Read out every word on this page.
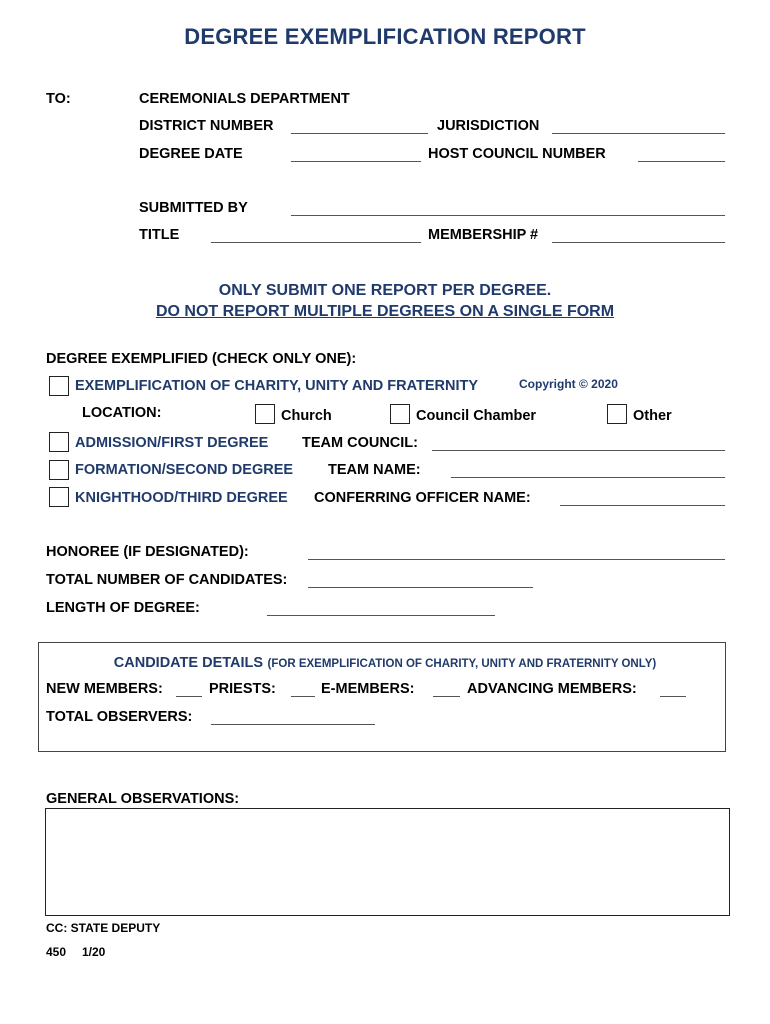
DEGREE EXEMPLIFICATION REPORT
TO:	CEREMONIALS DEPARTMENT
DISTRICT NUMBER	JURISDICTION
DEGREE DATE	HOST COUNCIL NUMBER
SUBMITTED BY
TITLE	MEMBERSHIP #
ONLY SUBMIT ONE REPORT PER DEGREE.
DO NOT REPORT MULTIPLE DEGREES ON A SINGLE FORM
DEGREE EXEMPLIFIED (CHECK ONLY ONE):
EXEMPLIFICATION OF CHARITY, UNITY AND FRATERNITY	Copyright © 2020
LOCATION:	Church	Council Chamber	Other
ADMISSION/FIRST DEGREE TEAM COUNCIL:
FORMATION/SECOND DEGREE TEAM NAME:
KNIGHTHOOD/THIRD DEGREE CONFERRING OFFICER NAME:
HONOREE (IF DESIGNATED):
TOTAL NUMBER OF CANDIDATES:
LENGTH OF DEGREE:
CANDIDATE DETAILS (FOR EXEMPLIFICATION OF CHARITY, UNITY AND FRATERNITY ONLY)
NEW MEMBERS:	PRIESTS:	E-MEMBERS:	ADVANCING MEMBERS:
TOTAL OBSERVERS:
GENERAL OBSERVATIONS:
CC: STATE DEPUTY
450 1/20
